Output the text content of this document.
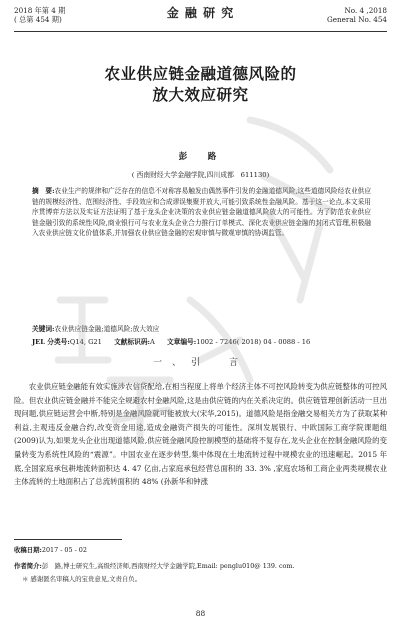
2018 年第 4 期
( 总第 454 期)	金 融 研 究	No. 4 ,2018
General No. 454
农业供应链金融道德风险的
放大效应研究
彭　路
( 西南财经大学金融学院,四川成都　611130)
摘　要:农业生产的规律和广泛存在的信息不对称容易触发由偶然事件引发的金融道德风险,这些道德风险经农业供应链的规模经济性、范围经济性、手段效应和合成谬误集聚并放大,可能引致系统性金融风险。基于这一论点,本文采用序贯博弈方法以及实证方法证明了基于龙头企业决策的农业供应链金融道德风险放大的可能性。为了防范农业供应链金融引致的系统性风险,商业银行可与农业龙头企业合力推行订单模式、深化农业供应链金融的封闭式管理,积极融入农业供应链文化价值体系,并加强农业供应链金融的宏观审慎与微观审慎的协调监管。
关键词:农业供应链金融;道德风险;放大效应
JEL 分类号:Q14, G21 文献标识码:A 文章编号:1002 - 7246( 2018) 04 - 0088 - 16
一、引　言
农业供应链金融能有效实施涉农信贷配给,在相当程度上将单个经济主体不可控风险转变为供应链整体的可控风险。但农业供应链金融并不能完全规避农村金融风险,这是由供应链的内在关系决定的。供应链管理创新活动一旦出现问题,供应链运营会中断,特别是金融风险就可能被放大(宋华,2015)。道德风险是指金融交易相关方为了获取某种利益,主观违反金融合约,改变资金用途,造成金融资产损失的可能性。深圳发展银行、中欧国际工商学院课题组(2009)认为,如果龙头企业出现道德风险,供应链金融风险控制模型的基础将不复存在,龙头企业在控制金融风险的变量转变为系统性风险的“震源”。中国农业在逐步转型,集中体现在土地流转过程中规模农业的迅速崛起。2015 年底,全国家庭承包耕地流转面积达 4. 47 亿亩,占家庭承包经营总面积的 33. 3% ,家庭农场和工商企业两类规模农业主体流转的土地面积占了总流转面积的 48% (孙新华和钟涨
收稿日期:2017 - 05 - 02
作者简介:彭　路,博士研究生,高级经济师,西南财经大学金融学院,Email: penglu010@ 139. com.
＊ 感谢匿名审稿人的宝贵意见,文责自负。
88
